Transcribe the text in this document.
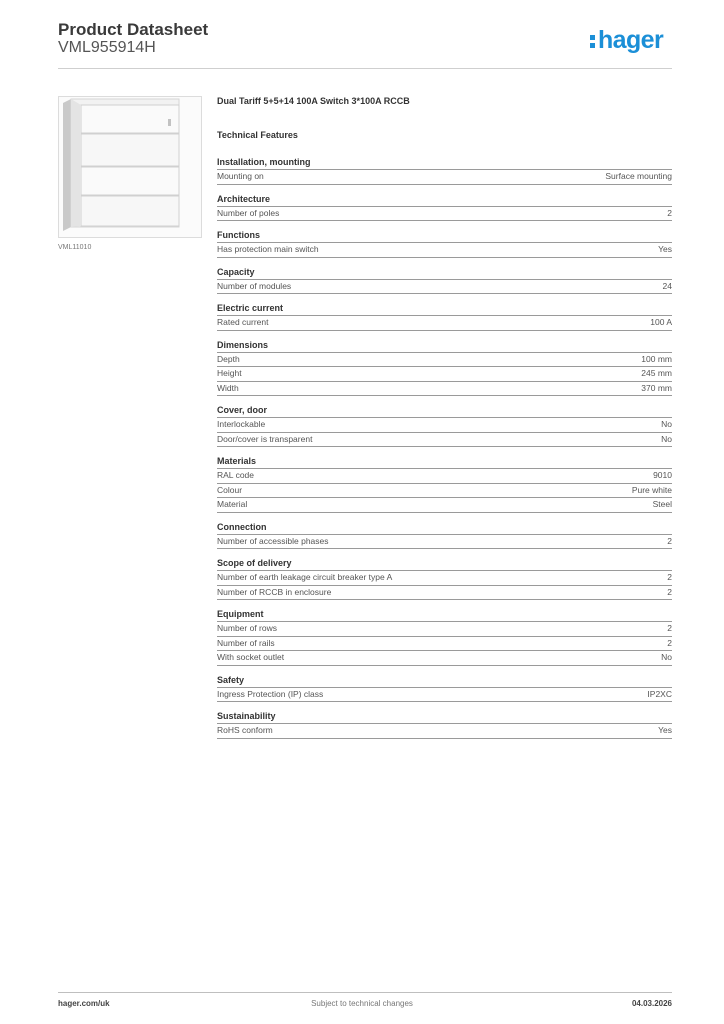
Product Datasheet
VML955914H	hager
VML11010
Dual Tariff 5+5+14 100A Switch 3*100A RCCB
Technical Features
Installation, mounting
Mounting on	Surface mounting
Architecture
Number of poles	2
Functions
Has protection main switch	Yes
Capacity
Number of modules	24
Electric current
Rated current	100 A
Dimensions
Depth	100 mm
Height	245 mm
Width	370 mm
Cover, door
Interlockable	No
Door/cover is transparent	No
Materials
RAL code	9010
Colour	Pure white
Material	Steel
Connection
Number of accessible phases	2
Scope of delivery
Number of earth leakage circuit breaker type A	2
Number of RCCB in enclosure	2
Equipment
Number of rows	2
Number of rails	2
With socket outlet	No
Safety
Ingress Protection (IP) class	IP2XC
Sustainability
RoHS conform	Yes
hager.com/uk	Subject to technical changes	04.03.2026
